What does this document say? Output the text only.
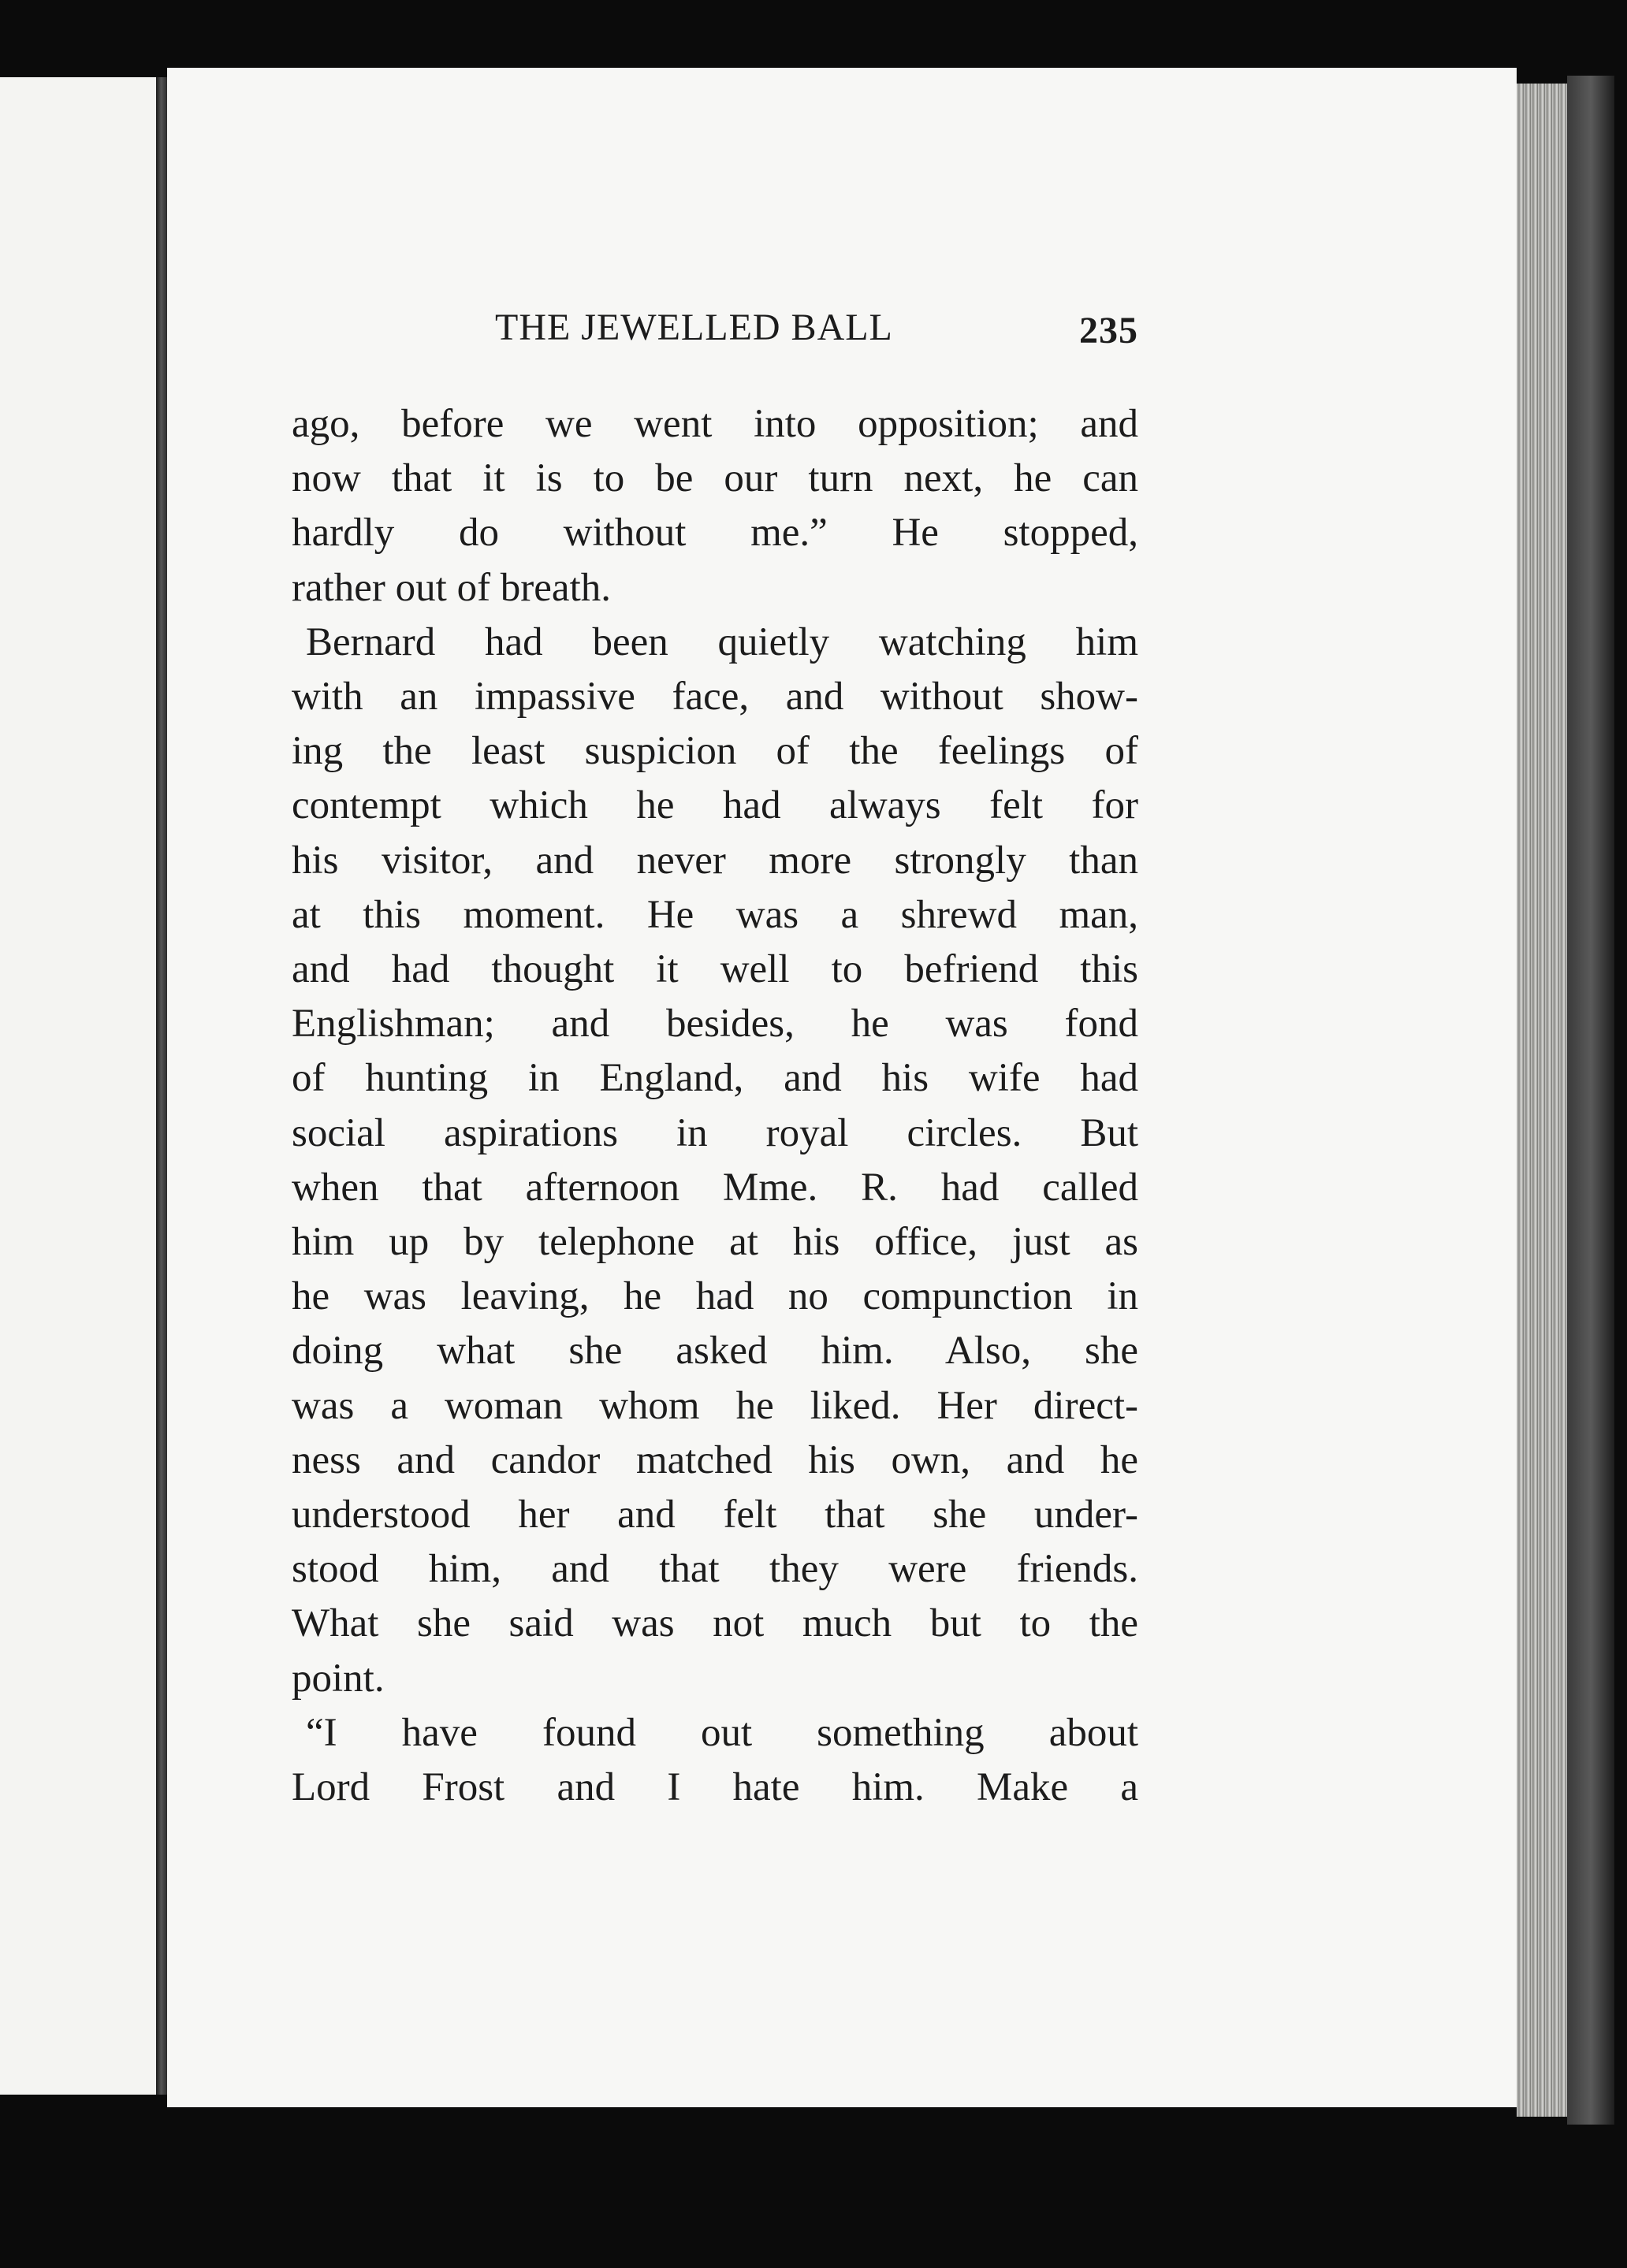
THE JEWELLED BALL	235

ago, before we went into opposition; and
now that it is to be our turn next, he can
hardly do without me.” He stopped,
rather out of breath.

Bernard had been quietly watching him
with an impassive face, and without show-
ing the least suspicion of the feelings of
contempt which he had always felt for
his visitor, and never more strongly than
at this moment. He was a shrewd man,
and had thought it well to befriend this
Englishman; and besides, he was fond
of hunting in England, and his wife had
social aspirations in royal circles. But
when that afternoon Mme. R. had called
him up by telephone at his office, just as
he was leaving, he had no compunction in
doing what she asked him. Also, she
was a woman whom he liked. Her direct-
ness and candor matched his own, and he
understood her and felt that she under-
stood him, and that they were friends.
What she said was not much but to the
point.

“I have found out something about
Lord Frost and I hate him. Make a
